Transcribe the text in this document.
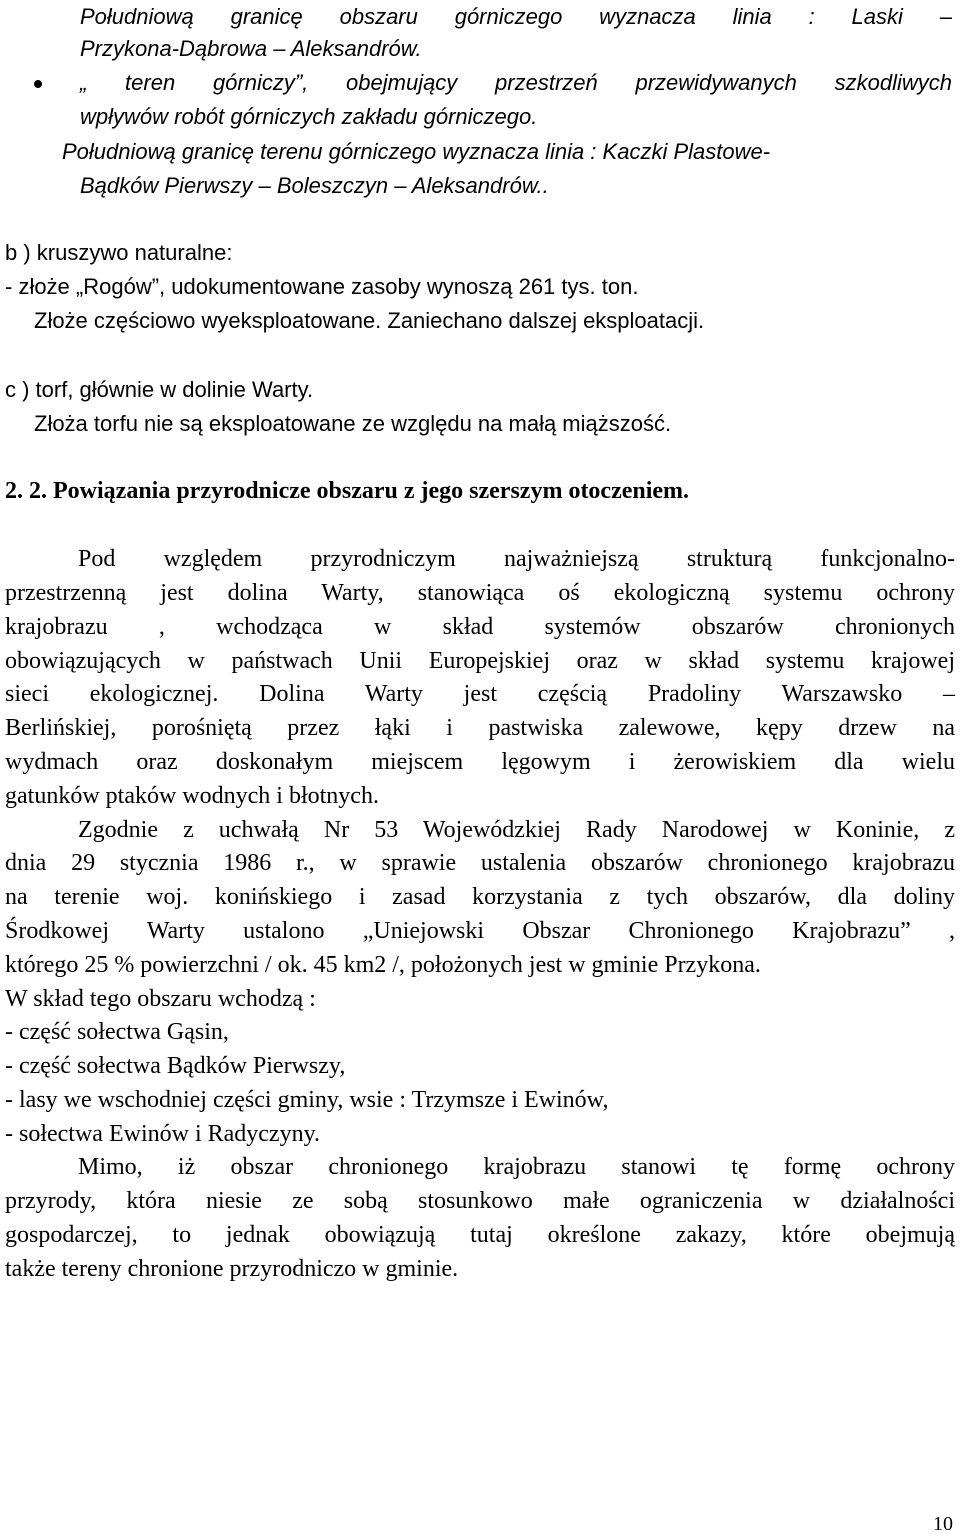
Południową granicę obszaru górniczego wyznacza linia : Laski –
Przykona-Dąbrowa – Aleksandrów.
„ teren górniczy”, obejmujący przestrzeń przewidywanych szkodliwych
wpływów robót górniczych zakładu górniczego.
Południową granicę terenu górniczego wyznacza linia : Kaczki Plastowe-
Bądków Pierwszy – Boleszczyn – Aleksandrów..
b ) kruszywo naturalne:
- złoże „Rogów”, udokumentowane zasoby wynoszą 261 tys. ton.
Złoże częściowo wyeksploatowane. Zaniechano dalszej eksploatacji.
c ) torf, głównie w dolinie Warty.
Złoża torfu nie są eksploatowane ze względu na małą miąższość.
2. 2. Powiązania przyrodnicze obszaru z jego szerszym otoczeniem.
Pod względem przyrodniczym najważniejszą strukturą funkcjonalno-
przestrzenną jest dolina Warty, stanowiąca oś ekologiczną systemu ochrony
krajobrazu , wchodząca w skład systemów obszarów chronionych
obowiązujących w państwach Unii Europejskiej oraz w skład systemu krajowej
sieci ekologicznej. Dolina Warty jest częścią Pradoliny Warszawsko –
Berlińskiej, porośniętą przez łąki i pastwiska zalewowe, kępy drzew na
wydmach oraz doskonałym miejscem lęgowym i żerowiskiem dla wielu
gatunków ptaków wodnych i błotnych.
Zgodnie z uchwałą Nr 53 Wojewódzkiej Rady Narodowej w Koninie, z
dnia 29 stycznia 1986 r., w sprawie ustalenia obszarów chronionego krajobrazu
na terenie woj. konińskiego i zasad korzystania z tych obszarów, dla doliny
Środkowej Warty ustalono „Uniejowski Obszar Chronionego Krajobrazu” ,
którego 25 % powierzchni / ok. 45 km2 /, położonych jest w gminie Przykona.
W skład tego obszaru wchodzą :
- część sołectwa Gąsin,
- część sołectwa Bądków Pierwszy,
- lasy we wschodniej części gminy, wsie : Trzymsze i Ewinów,
- sołectwa Ewinów i Radyczyny.
Mimo, iż obszar chronionego krajobrazu stanowi tę formę ochrony
przyrody, która niesie ze sobą stosunkowo małe ograniczenia w działalności
gospodarczej, to jednak obowiązują tutaj określone zakazy, które obejmują
także tereny chronione przyrodniczo w gminie.
10
